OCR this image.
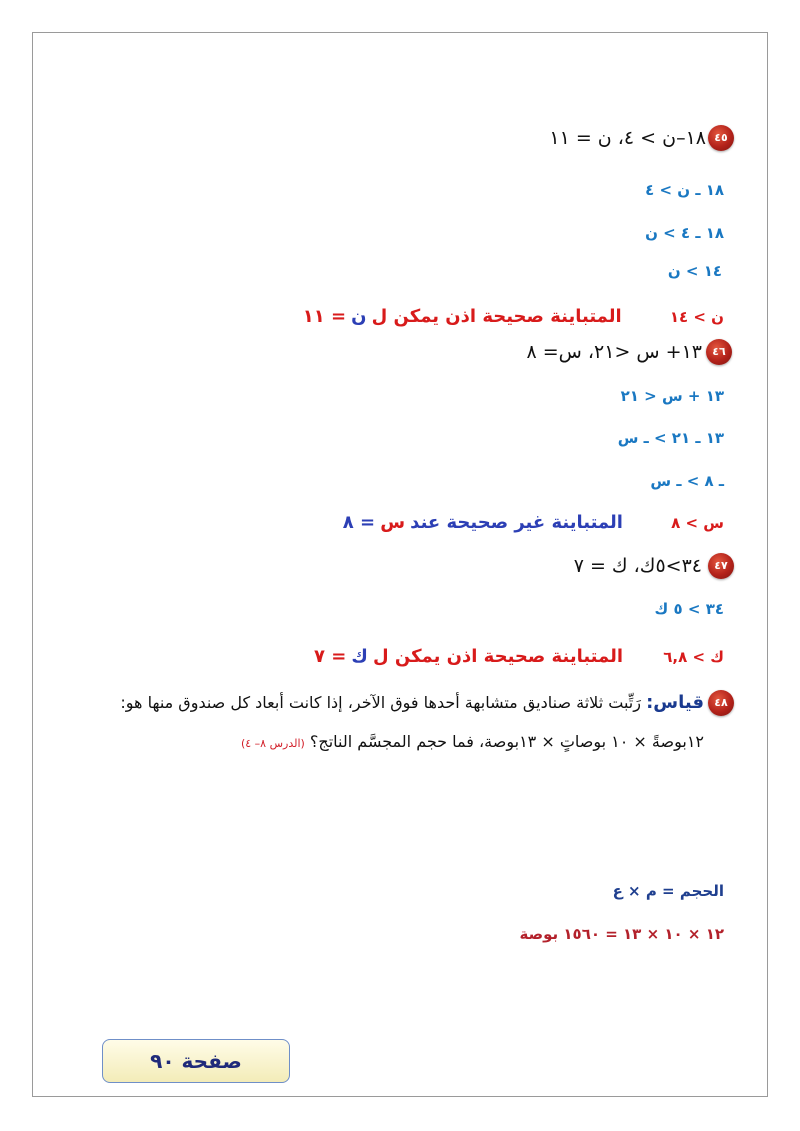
٤٥
١٨–ن > ٤، ن = ١١
١٨ ـ ن > ٤
١٨ ـ ٤ > ن
١٤ > ن
ن > ١٤  المتباينة صحيحة اذن يمكن ل ن = ١١
٤٦
١٣+ س <٢١، س= ٨
١٣ + س < ٢١
١٣ ـ ٢١ > ـ س
ـ ٨ > ـ س
س > ٨  المتباينة غير صحيحة عند س = ٨
٤٧
٣٤>٥ك، ك = ٧
٣٤ > ٥ ك
ك > ٦,٨  المتباينة صحيحة اذن يمكن ل ك = ٧
٤٨
قياس: رَتِّبت ثلاثة صناديق متشابهة أحدها فوق الآخر، إذا كانت أبعاد كل صندوق منها هو:
١٢بوصةً × ١٠ بوصاتٍ × ١٣بوصة، فما حجم المجسَّم الناتج؟ (الدرس ٨– ٤)
الحجم = م × ع
١٢ × ١٠ × ١٣ = ١٥٦٠ بوصة
صفحة ٩٠
